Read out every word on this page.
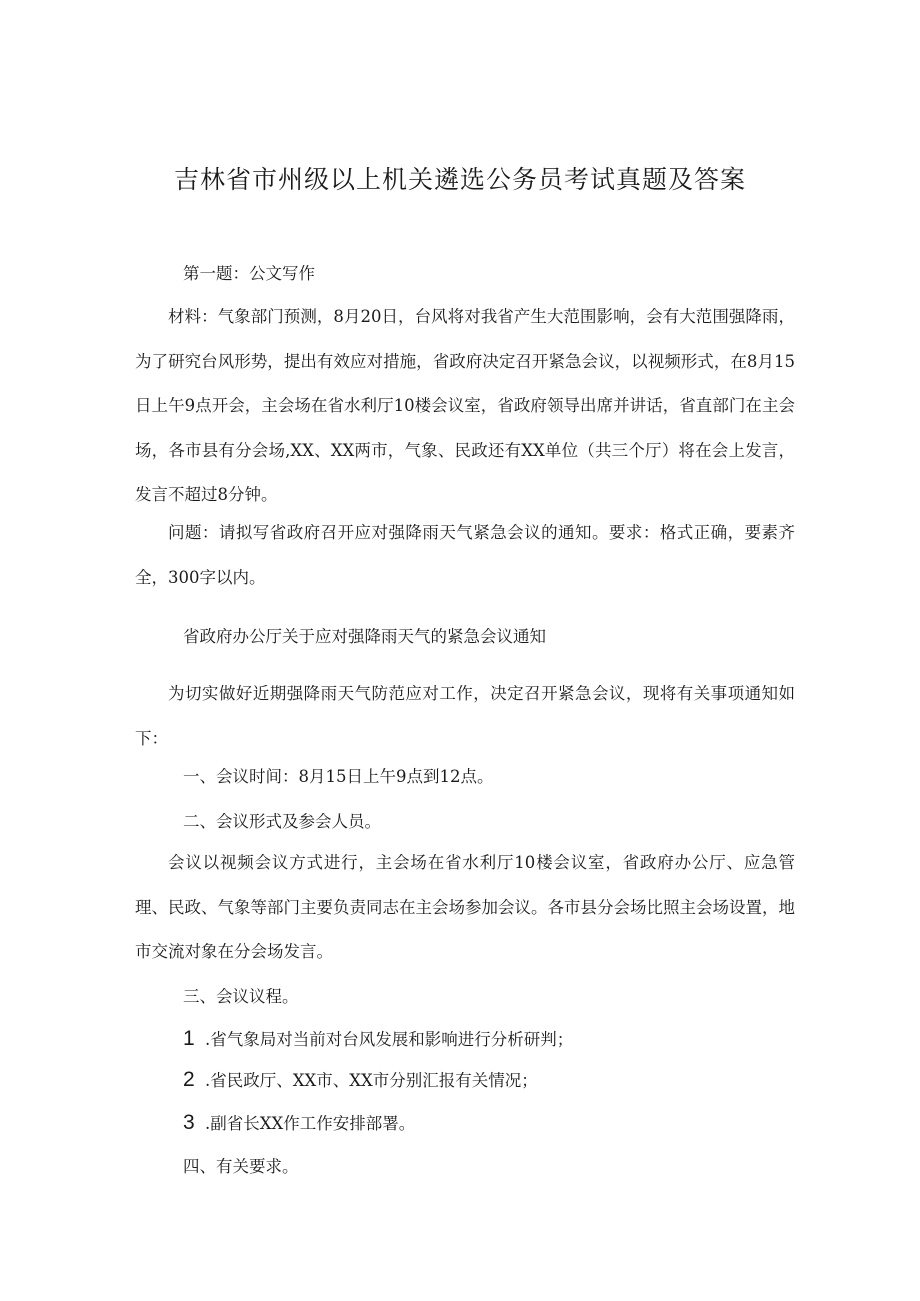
吉林省市州级以上机关遴选公务员考试真题及答案
第一题：公文写作
材料：气象部门预测，8月20日，台风将对我省产生大范围影响，会有大范围强降雨，为了研究台风形势，提出有效应对措施，省政府决定召开紧急会议，以视频形式，在8月15日上午9点开会，主会场在省水利厅10楼会议室，省政府领导出席并讲话，省直部门在主会场，各市县有分会场,XX、XX两市，气象、民政还有XX单位（共三个厅）将在会上发言，发言不超过8分钟。
问题：请拟写省政府召开应对强降雨天气紧急会议的通知。要求：格式正确，要素齐全，300字以内。
省政府办公厅关于应对强降雨天气的紧急会议通知
为切实做好近期强降雨天气防范应对工作，决定召开紧急会议，现将有关事项通知如下：
一、会议时间：8月15日上午9点到12点。
二、会议形式及参会人员。
会议以视频会议方式进行，主会场在省水利厅10楼会议室，省政府办公厅、应急管理、民政、气象等部门主要负责同志在主会场参加会议。各市县分会场比照主会场设置，地市交流对象在分会场发言。
三、会议议程。
1 .省气象局对当前对台风发展和影响进行分析研判；
2 .省民政厅、XX市、XX市分别汇报有关情况；
3 .副省长XX作工作安排部署。
四、有关要求。
